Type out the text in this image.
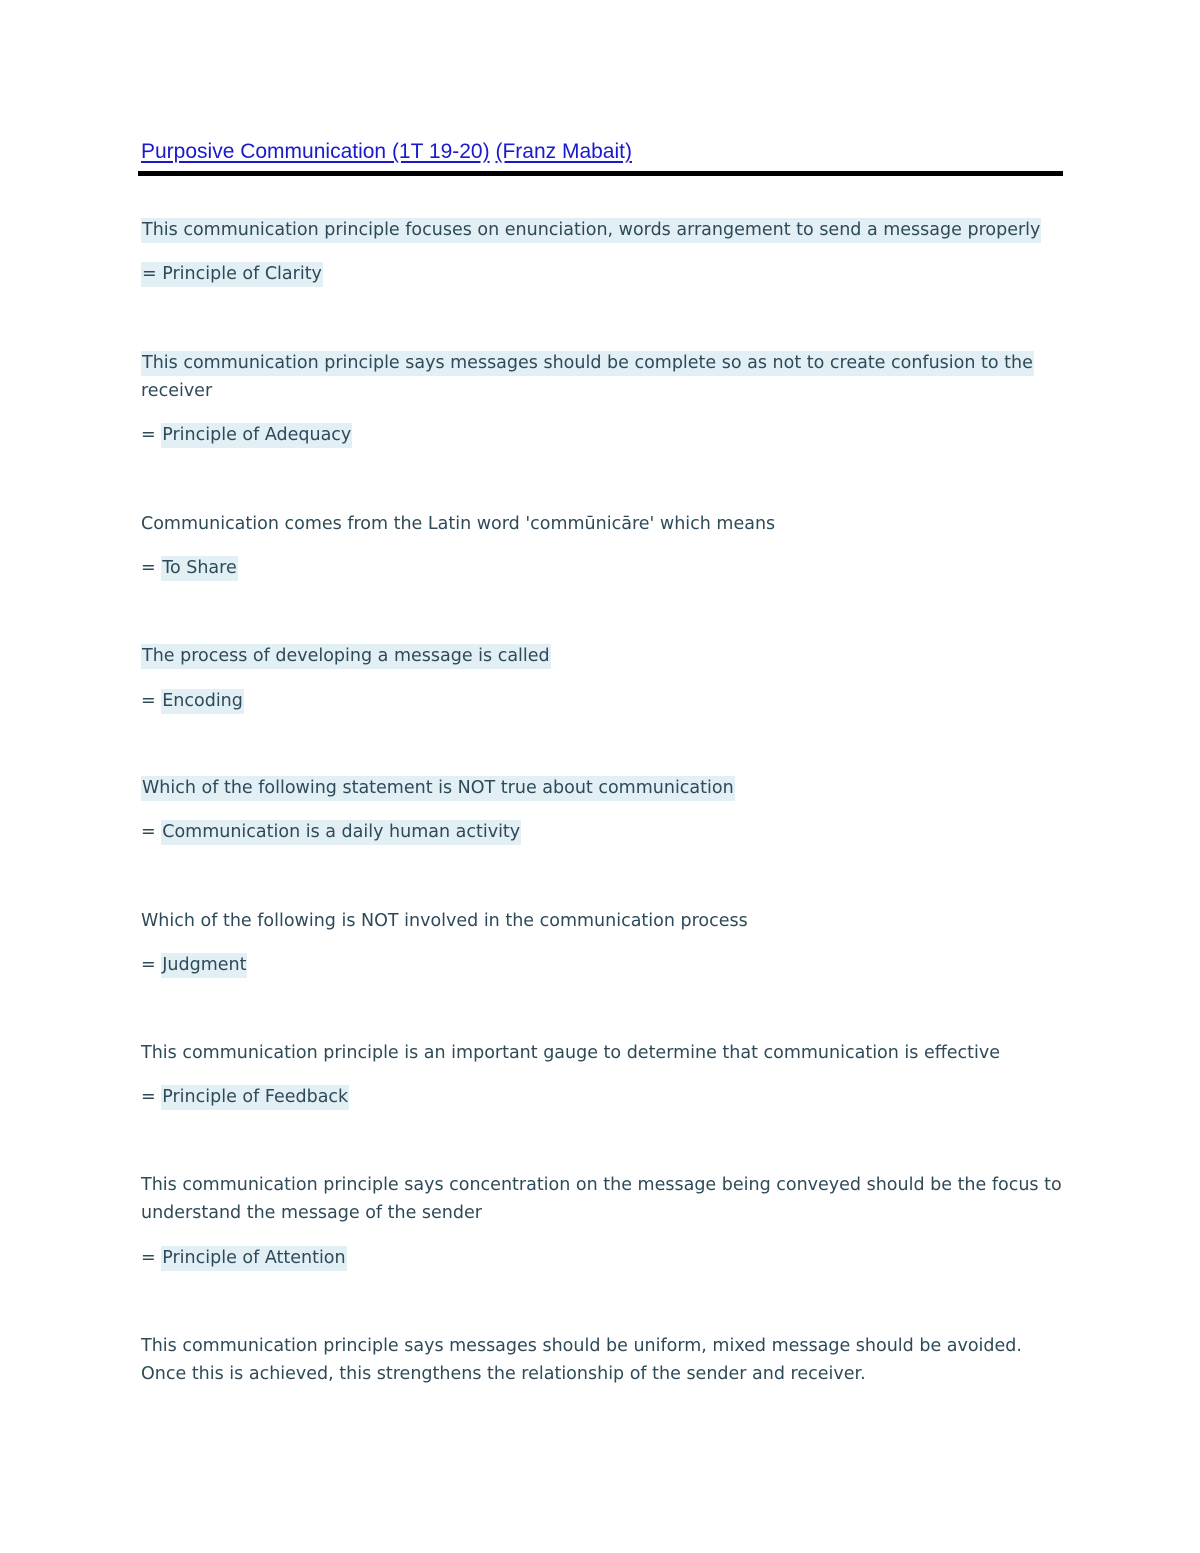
Purposive Communication (1T 19-20) (Franz Mabait)
This communication principle focuses on enunciation, words arrangement to send a message properly
= Principle of Clarity
This communication principle says messages should be complete so as not to create confusion to the
receiver
= Principle of Adequacy
Communication comes from the Latin word 'commūnicāre' which means
= To Share
The process of developing a message is called
= Encoding
Which of the following statement is NOT true about communication
= Communication is a daily human activity
Which of the following is NOT involved in the communication process
= Judgment
This communication principle is an important gauge to determine that communication is effective
= Principle of Feedback
This communication principle says concentration on the message being conveyed should be the focus to
understand the message of the sender
= Principle of Attention
This communication principle says messages should be uniform, mixed message should be avoided.
Once this is achieved, this strengthens the relationship of the sender and receiver.
